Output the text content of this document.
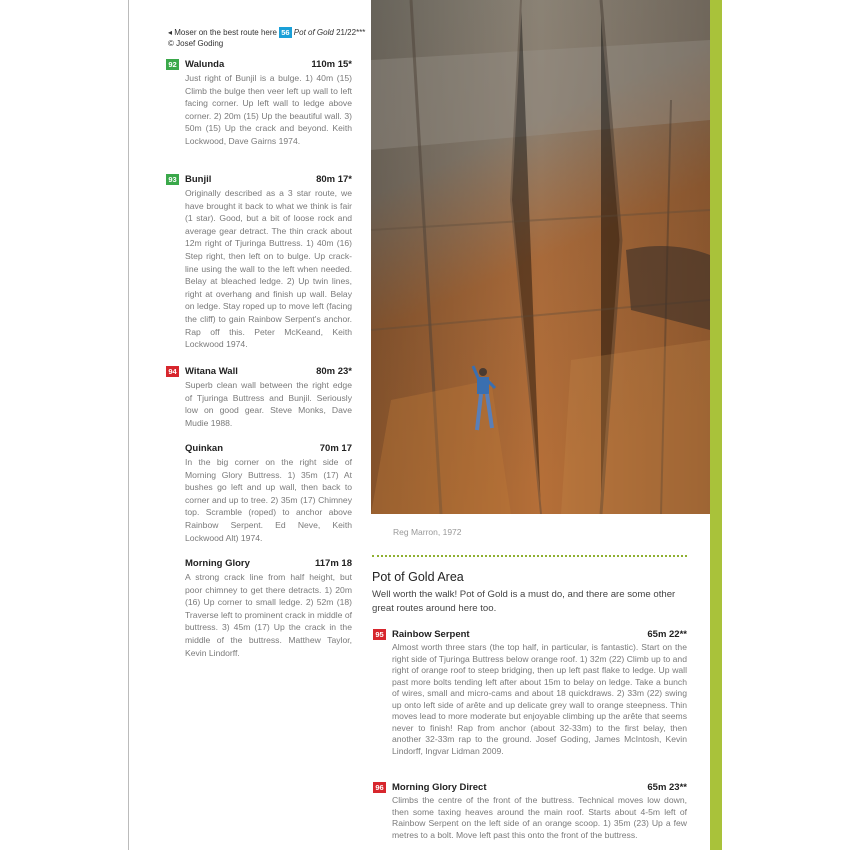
◂ Moser on the best route here 56 Pot of Gold 21/22***
© Josef Goding
92 Walunda	110m 15*
Just right of Bunjil is a bulge. 1) 40m (15) Climb the bulge then veer left up wall to left facing corner. Up left wall to ledge above corner. 2) 20m (15) Up the beautiful wall. 3) 50m (15) Up the crack and beyond. Keith Lockwood, Dave Gairns 1974.
93 Bunjil	80m 17*
Originally described as a 3 star route, we have brought it back to what we think is fair (1 star). Good, but a bit of loose rock and average gear detract. The thin crack about 12m right of Tjuringa Buttress. 1) 40m (16) Step right, then left on to bulge. Up crack-line using the wall to the left when needed. Belay at bleached ledge. 2) Up twin lines, right at overhang and finish up wall. Belay on ledge. Stay roped up to move left (facing the cliff) to gain Rainbow Serpent's anchor. Rap off this. Peter McKeand, Keith Lockwood 1974.
94 Witana Wall	80m 23*
Superb clean wall between the right edge of Tjuringa Buttress and Bunjil. Seriously low on good gear. Steve Monks, Dave Mudie 1988.
Quinkan	70m 17
In the big corner on the right side of Morning Glory Buttress. 1) 35m (17) At bushes go left and up wall, then back to corner and up to tree. 2) 35m (17) Chimney top. Scramble (roped) to anchor above Rainbow Serpent. Ed Neve, Keith Lockwood Alt) 1974.
Morning Glory	117m 18
A strong crack line from half height, but poor chimney to get there detracts. 1) 20m (16) Up corner to small ledge. 2) 52m (18) Traverse left to prominent crack in middle of buttress. 3) 45m (17) Up the crack in the middle of the buttress. Matthew Taylor, Kevin Lindorff.
Reg Marron, 1972
Pot of Gold Area
Well worth the walk! Pot of Gold is a must do, and there are some other great routes around here too.
95 Rainbow Serpent	65m 22**
Almost worth three stars (the top half, in particular, is fantastic). Start on the right side of Tjuringa Buttress below orange roof. 1) 32m (22) Climb up to and right of orange roof to steep bridging, then up left past flake to ledge. Up wall past more bolts tending left after about 15m to belay on ledge. Take a bunch of wires, small and micro-cams and about 18 quickdraws. 2) 33m (22) swing up onto left side of arête and up delicate grey wall to orange steepness. Thin moves lead to more moderate but enjoyable climbing up the arête that seems never to finish! Rap from anchor (about 32-33m) to the first belay, then another 32-33m rap to the ground. Josef Goding, James McIntosh, Kevin Lindorff, Ingvar Lidman 2009.
96 Morning Glory Direct	65m 23**
Climbs the centre of the front of the buttress. Technical moves low down, then some taxing heaves around the main roof. Starts about 4-5m left of Rainbow Serpent on the left side of an orange scoop. 1) 35m (23) Up a few metres to a bolt. Move left past this onto the front of the buttress.
